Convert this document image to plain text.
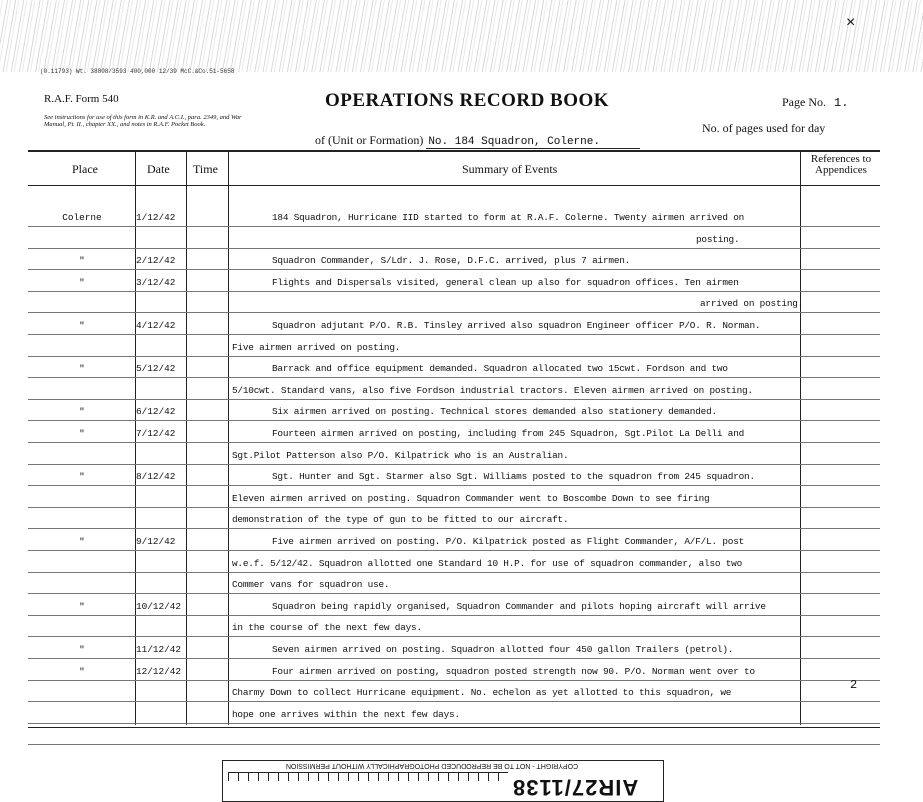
×
(0.11793) Wt. 38808/3593 400,000 12/39 McC.&Co.51-5658
R.A.F. Form 540
See instructions for use of this form in K.R. and A.C.I., para. 2349, and War Manual, Pt. II., chapter XX., and notes in R.A.F. Pocket Book.
OPERATIONS RECORD BOOK	Page No. 1.
No. of pages used for day
of (Unit or Formation) No. 184 Squadron, Colerne.
Place	Date Time	Summary of Events
References to Appendices
Colerne	1/12/42	184 Squadron, Hurricane IID started to form at R.A.F. Colerne. Twenty airmen arrived on
posting.
"	2/12/42	Squadron Commander, S/Ldr. J. Rose, D.F.C. arrived, plus 7 airmen.
"	3/12/42	Flights and Dispersals visited, general clean up also for squadron offices. Ten airmen
arrived on posting.
"	4/12/42	Squadron adjutant P/O. R.B. Tinsley arrived also squadron Engineer officer P/O. R. Norman.
Five airmen arrived on posting.
"	5/12/42	Barrack and office equipment demanded. Squadron allocated two 15cwt. Fordson and two
5/10cwt. Standard vans, also five Fordson industrial tractors. Eleven airmen arrived on posting.
"	6/12/42	Six airmen arrived on posting. Technical stores demanded also stationery demanded.
"	7/12/42	Fourteen airmen arrived on posting, including from 245 Squadron, Sgt.Pilot La Delli and
Sgt.Pilot Patterson also P/O. Kilpatrick who is an Australian.
"	8/12/42	Sgt. Hunter and Sgt. Starmer also Sgt. Williams posted to the squadron from 245 squadron.
Eleven airmen arrived on posting. Squadron Commander went to Boscombe Down to see firing
demonstration of the type of gun to be fitted to our aircraft.
"	9/12/42	Five airmen arrived on posting. P/O. Kilpatrick posted as Flight Commander, A/F/L. post
w.e.f. 5/12/42. Squadron allotted one Standard 10 H.P. for use of squadron commander, also two
Commer vans for squadron use.
"	10/12/42	Squadron being rapidly organised, Squadron Commander and pilots hoping aircraft will arrive
in the course of the next few days.
"	11/12/42	Seven airmen arrived on posting. Squadron allotted four 450 gallon Trailers (petrol).
"	12/12/42	Four airmen arrived on posting, squadron posted strength now 90. P/O. Norman went over to
Charmy Down to collect Hurricane equipment. No. echelon as yet allotted to this squadron, we
hope one arrives within the next few days.
2
COPYRIGHT - NOT TO BE REPRODUCED PHOTOGRAPHICALLY WITHOUT PERMISSION
AIR27/1138
